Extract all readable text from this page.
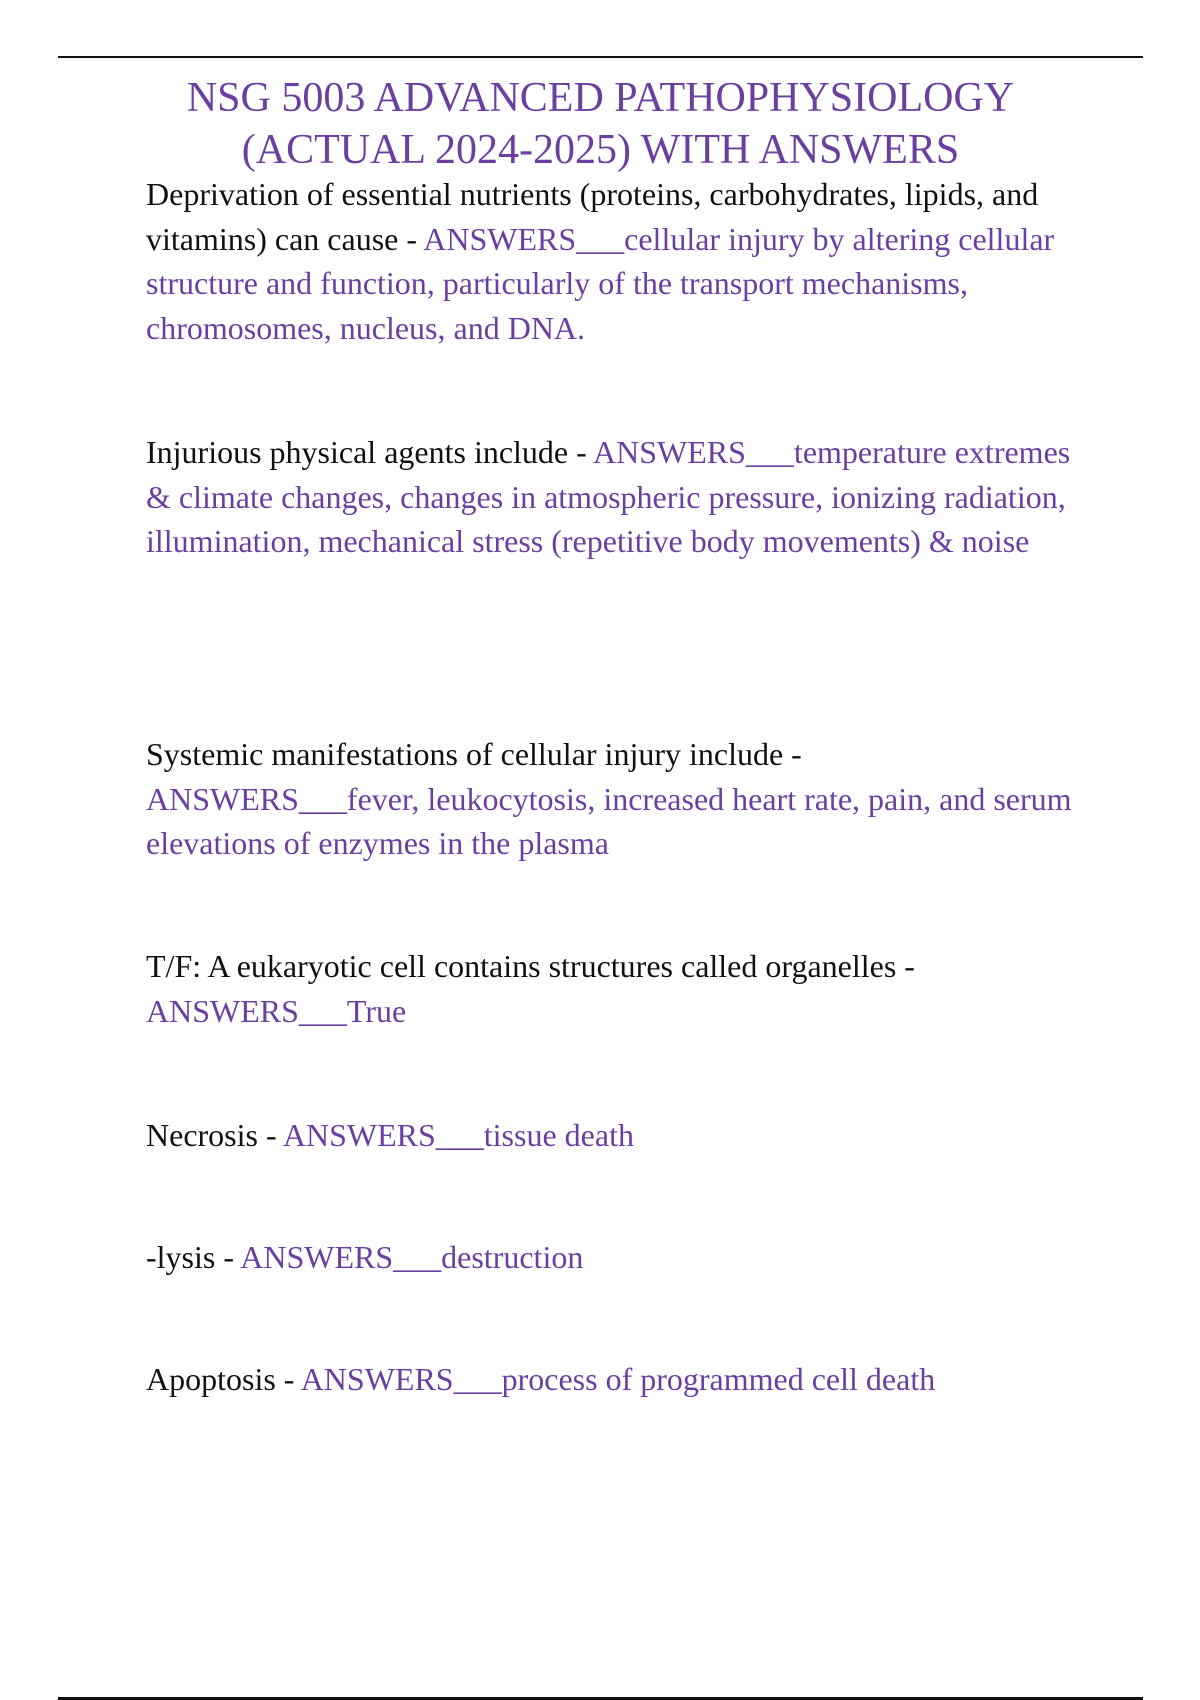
NSG 5003 ADVANCED PATHOPHYSIOLOGY
(ACTUAL 2024-2025) WITH ANSWERS

Deprivation of essential nutrients (proteins, carbohydrates, lipids, and vitamins) can cause - ANSWERS___cellular injury by altering cellular structure and function, particularly of the transport mechanisms, chromosomes, nucleus, and DNA.

Injurious physical agents include - ANSWERS___temperature extremes & climate changes, changes in atmospheric pressure, ionizing radiation, illumination, mechanical stress (repetitive body movements) & noise

Systemic manifestations of cellular injury include - ANSWERS___fever, leukocytosis, increased heart rate, pain, and serum elevations of enzymes in the plasma

T/F: A eukaryotic cell contains structures called organelles - ANSWERS___True

Necrosis - ANSWERS___tissue death

-lysis - ANSWERS___destruction

Apoptosis - ANSWERS___process of programmed cell death
